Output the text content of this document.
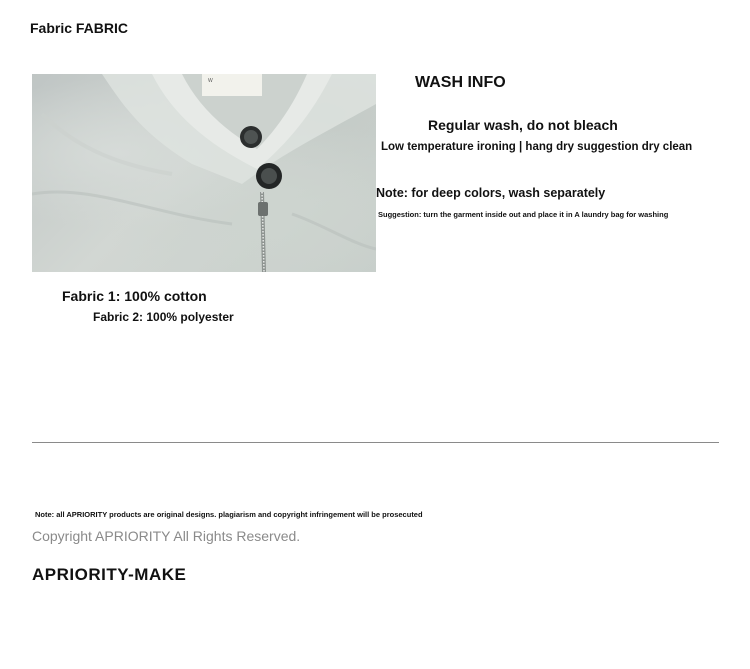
Fabric FABRIC
W	WASH INFO
Regular wash, do not bleach
Low temperature ironing | hang dry suggestion dry clean
Note: for deep colors, wash separately
Suggestion: turn the garment inside out and place it in A laundry bag for washing
Fabric 1: 100% cotton
Fabric 2: 100% polyester
Note: all APRIORITY products are original designs. plagiarism and copyright infringement will be prosecuted
Copyright APRIORITY All Rights Reserved.
APRIORITY-MAKE
